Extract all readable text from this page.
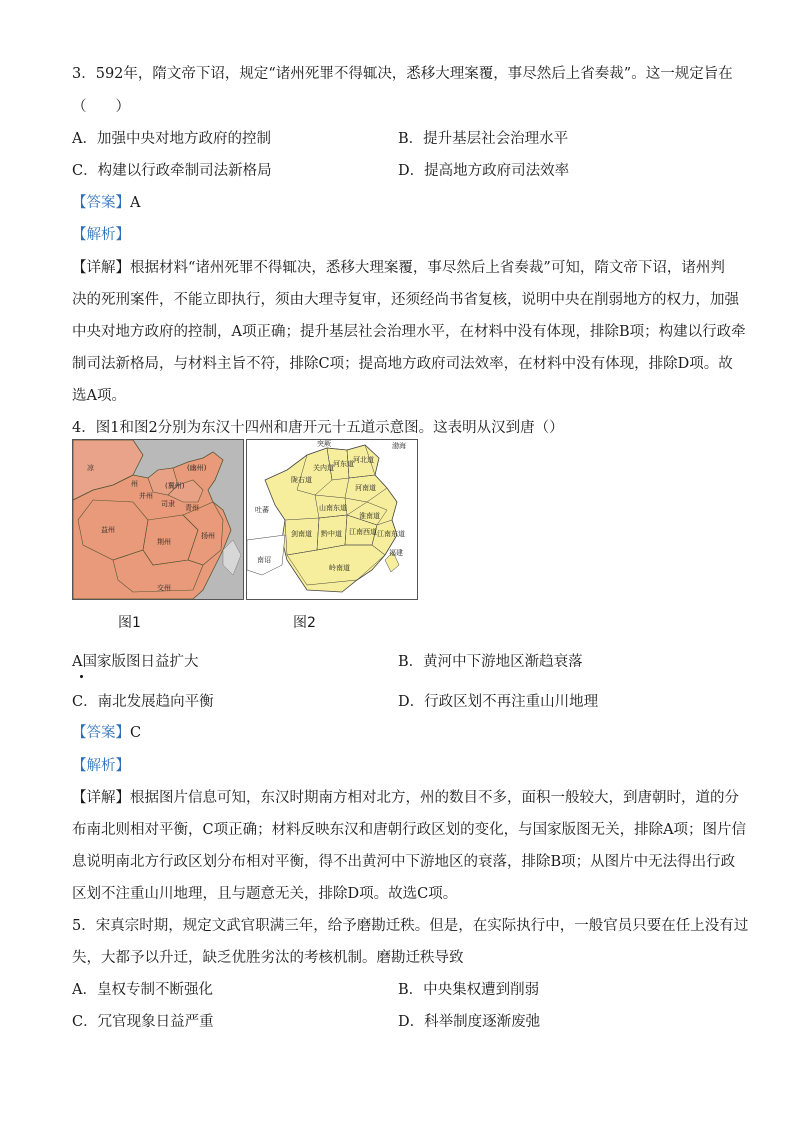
3．592年，隋文帝下诏，规定“诸州死罪不得辄决，悉移大理案覆，事尽然后上省奏裁”。这一规定旨在
（　　）
A．加强中央对地方政府的控制	B．提升基层社会治理水平
C．构建以行政牵制司法新格局	D．提高地方政府司法效率
【答案】A
【解析】
【详解】根据材料“诸州死罪不得辄决，悉移大理案覆，事尽然后上省奏裁”可知，隋文帝下诏，诸州判
决的死刑案件，不能立即执行，须由大理寺复审，还须经尚书省复核，说明中央在削弱地方的权力，加强
中央对地方政府的控制，A项正确；提升基层社会治理水平，在材料中没有体现，排除B项；构建以行政牵
制司法新格局，与材料主旨不符，排除C项；提高地方政府司法效率，在材料中没有体现，排除D项。故
选A项。
4．图1和图2分别为东汉十四州和唐开元十五道示意图。这表明从汉到唐（）
凉
州
(幽州)
(冀州)
并州
司隶 青州
益州
荆州
扬州
交州
突厥	渤海
吐蕃
陇右道
关内道 河东道 河北道
河南道
山南东道
淮南道
剑南道 黔中道 江南西道 江南东道
岭南道
南诏
福建
图1	图2
A国家版图日益扩大	B．黄河中下游地区渐趋衰落
C．南北发展趋向平衡	D．行政区划不再注重山川地理
【答案】C
【解析】
【详解】根据图片信息可知，东汉时期南方相对北方，州的数目不多，面积一般较大，到唐朝时，道的分
布南北则相对平衡，C项正确；材料反映东汉和唐朝行政区划的变化，与国家版图无关，排除A项；图片信
息说明南北方行政区划分布相对平衡，得不出黄河中下游地区的衰落，排除B项；从图片中无法得出行政
区划不注重山川地理，且与题意无关，排除D项。故选C项。
5．宋真宗时期，规定文武官职满三年，给予磨勘迁秩。但是，在实际执行中，一般官员只要在任上没有过
失，大都予以升迁，缺乏优胜劣汰的考核机制。磨勘迁秩导致
A．皇权专制不断强化	B．中央集权遭到削弱
C．冗官现象日益严重	D．科举制度逐渐废弛
